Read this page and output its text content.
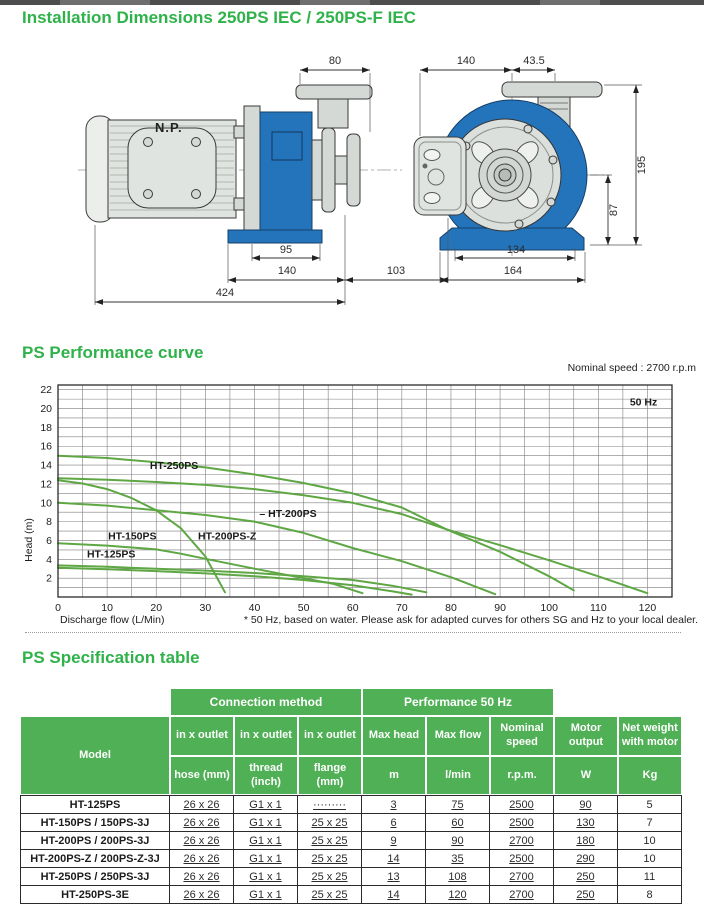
Installation Dimensions 250PS IEC / 250PS-F IEC
N.P.
80	140	43.5
195
87
95
140	103
424
134
164
PS Performance curve
Nominal speed : 2700 r.p.m
2
4
6
8
10
12
14
16
18
20
22
0	10	20	30	40	50	60	70	80	90	100	110	120
HT-250PS
HT-150PS	HT-200PS-Z
– HT-200PS
HT-125PS
50 Hz
Head (m)
Discharge flow (L/Min)	* 50 Hz, based on water. Please ask for adapted curves for others SG and Hz to your local dealer.
PS Specification table
	Connection method			Performance 50 Hz				
Model	in x outlet	in x outlet	in x outlet	Max head	Max flow	Nominal speed	Motor output	Net weight with motor
	hose (mm)	thread (inch)	flange (mm)	m	l/min	r.p.m.	W	Kg
HT-125PS	26 x 26	G1 x 1	·········	3	75	2500	90	5
HT-150PS / 150PS-3J	26 x 26	G1 x 1	25 x 25	6	60	2500	130	7
HT-200PS / 200PS-3J	26 x 26	G1 x 1	25 x 25	9	90	2700	180	10
HT-200PS-Z / 200PS-Z-3J	26 x 26	G1 x 1	25 x 25	14	35	2500	290	10
HT-250PS / 250PS-3J	26 x 26	G1 x 1	25 x 25	13	108	2700	250	11
HT-250PS-3E	26 x 26	G1 x 1	25 x 25	14	120	2700	250	8
